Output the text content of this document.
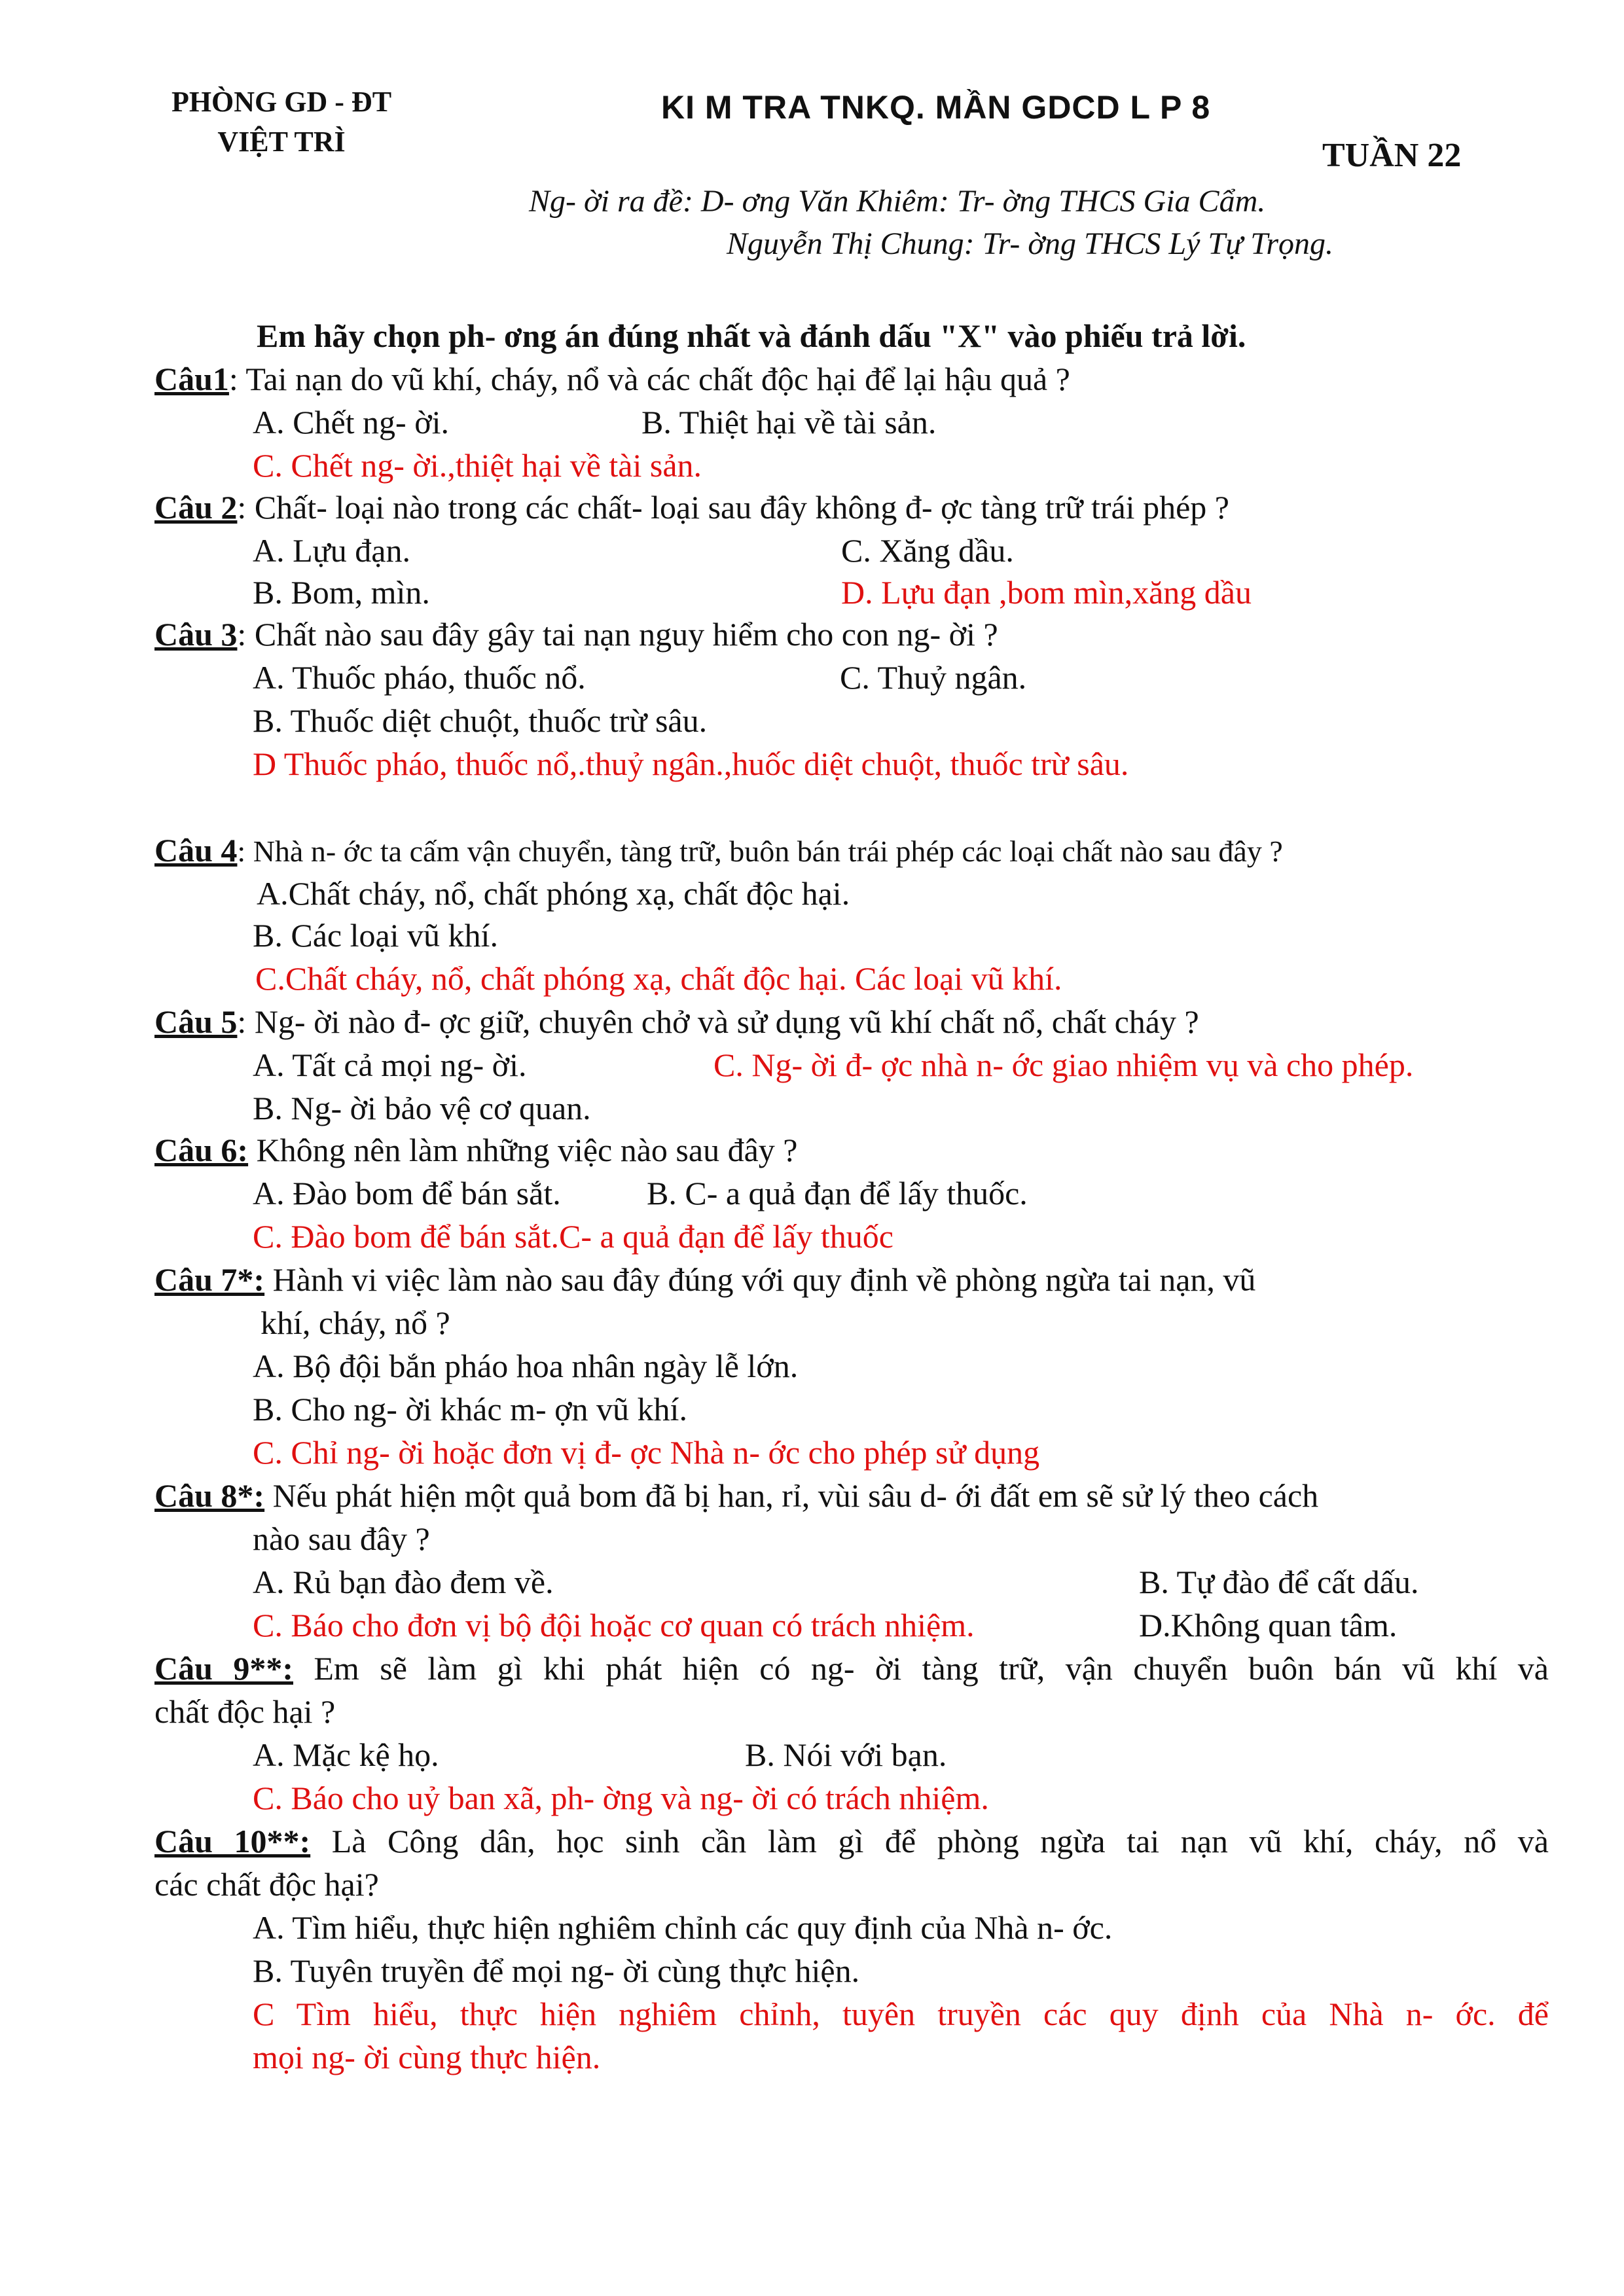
PHÒNG GD - ĐT
VIỆT TRÌ
KI M TRA TNKQ. MẦN GDCD L P 8
TUẦN 22
Ng- ời ra đề: D- ơng Văn Khiêm: Tr- ờng THCS Gia Cẩm.
Nguyễn Thị Chung: Tr- ờng THCS Lý Tự Trọng.
Em hãy chọn ph- ơng án đúng nhất và đánh dấu "X" vào phiếu trả lời.
Câu1: Tai nạn do vũ khí, cháy, nổ và các chất độc hại để lại hậu quả ?
A. Chết ng- ời.	B. Thiệt hại về tài sản.
C. Chết ng- ời.,thiệt hại về tài sản.
Câu 2: Chất- loại nào trong các chất- loại sau đây không đ- ợc tàng trữ trái phép ?
A. Lựu đạn.	C. Xăng dầu.
B. Bom, mìn.	D. Lựu đạn ,bom mìn,xăng dầu
Câu 3: Chất nào sau đây gây tai nạn nguy hiểm cho con ng- ời ?
A. Thuốc pháo, thuốc nổ.	C. Thuỷ ngân.
B. Thuốc diệt chuột, thuốc trừ sâu.
D Thuốc pháo, thuốc nổ,.thuỷ ngân.,huốc diệt chuột, thuốc trừ sâu.
Câu 4: Nhà n- ớc ta cấm vận chuyển, tàng trữ, buôn bán trái phép các loại chất nào sau đây ?
A.Chất cháy, nổ, chất phóng xạ, chất độc hại.
B. Các loại vũ khí.
C.Chất cháy, nổ, chất phóng xạ, chất độc hại. Các loại vũ khí.
Câu 5: Ng- ời nào đ- ợc giữ, chuyên chở và sử dụng vũ khí chất nổ, chất cháy ?
A. Tất cả mọi ng- ời.	C. Ng- ời đ- ợc nhà n- ớc giao nhiệm vụ và cho phép.
B. Ng- ời bảo vệ cơ quan.
Câu 6: Không nên làm những việc nào sau đây ?
A. Đào bom để bán sắt.	B. C- a quả đạn để lấy thuốc.
C. Đào bom để bán sắt.C- a quả đạn để lấy thuốc
Câu 7*: Hành vi việc làm nào sau đây đúng với quy định về phòng ngừa tai nạn, vũ
khí, cháy, nổ ?
A. Bộ đội bắn pháo hoa nhân ngày lễ lớn.
B. Cho ng- ời khác m- ợn vũ khí.
C. Chỉ ng- ời hoặc đơn vị đ- ợc Nhà n- ớc cho phép sử dụng
Câu 8*: Nếu phát hiện một quả bom đã bị han, rỉ, vùi sâu d- ới đất em sẽ sử lý theo cách
nào sau đây ?
A. Rủ bạn đào đem về.	B. Tự đào để cất dấu.
C. Báo cho đơn vị bộ đội hoặc cơ quan có trách nhiệm.	D.Không quan tâm.
Câu 9**: Em sẽ làm gì khi phát hiện có ng- ời tàng trữ, vận chuyển buôn bán vũ khí và
chất độc hại ?
A. Mặc kệ họ.	B. Nói với bạn.
C. Báo cho uỷ ban xã, ph- ờng và ng- ời có trách nhiệm.
Câu 10**: Là Công dân, học sinh cần làm gì để phòng ngừa tai nạn vũ khí, cháy, nổ và
các chất độc hại?
A. Tìm hiểu, thực hiện nghiêm chỉnh các quy định của Nhà n- ớc.
B. Tuyên truyền để mọi ng- ời cùng thực hiện.
C Tìm hiểu, thực hiện nghiêm chỉnh, tuyên truyền các quy định của Nhà n- ớc. để
mọi ng- ời cùng thực hiện.
